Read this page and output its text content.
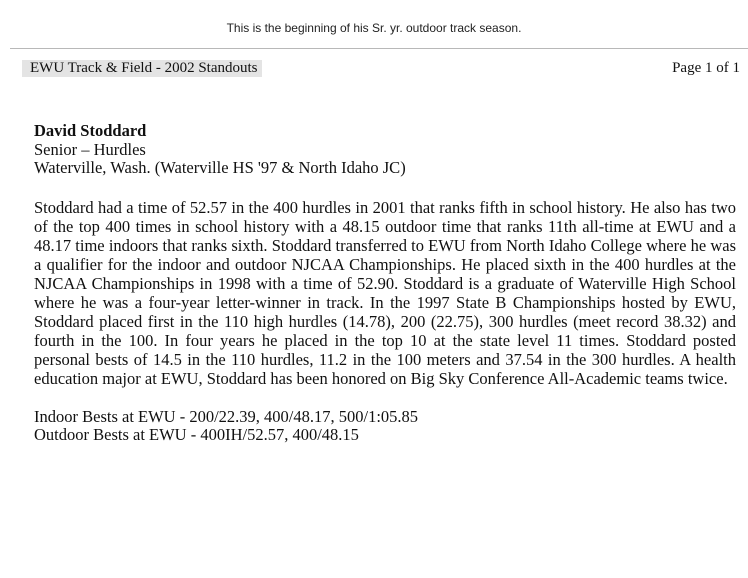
This is the beginning of his Sr. yr. outdoor track season.
EWU Track & Field - 2002 Standouts	Page 1 of 1
David Stoddard
Senior – Hurdles
Waterville, Wash. (Waterville HS '97 & North Idaho JC)
Stoddard had a time of 52.57 in the 400 hurdles in 2001 that ranks fifth in school history. He also has two of the top 400 times in school history with a 48.15 outdoor time that ranks 11th all-time at EWU and a 48.17 time indoors that ranks sixth. Stoddard transferred to EWU from North Idaho College where he was a qualifier for the indoor and outdoor NJCAA Championships. He placed sixth in the 400 hurdles at the NJCAA Championships in 1998 with a time of 52.90. Stoddard is a graduate of Waterville High School where he was a four-year letter-winner in track. In the 1997 State B Championships hosted by EWU, Stoddard placed first in the 110 high hurdles (14.78), 200 (22.75), 300 hurdles (meet record 38.32) and fourth in the 100. In four years he placed in the top 10 at the state level 11 times. Stoddard posted personal bests of 14.5 in the 110 hurdles, 11.2 in the 100 meters and 37.54 in the 300 hurdles. A health education major at EWU, Stoddard has been honored on Big Sky Conference All-Academic teams twice.
Indoor Bests at EWU - 200/22.39, 400/48.17, 500/1:05.85
Outdoor Bests at EWU - 400IH/52.57, 400/48.15
